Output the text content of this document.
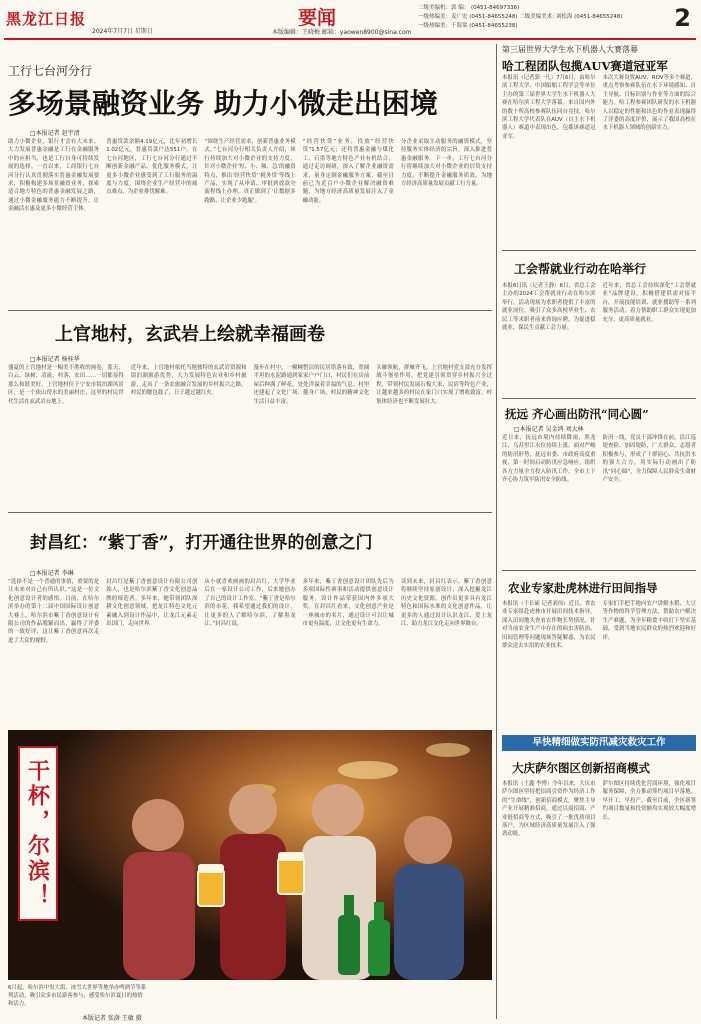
黑龙江日报
2024年7月7日 星期日
要闻
本版编辑：王晓梅 邮箱：yaowen8900@sina.com
二级美编机：郭 编： (0451-84697336)
一级热编美：麦广宏 (0451-84655248) 二级美编美术: 刘松海 (0451-84655248)
一级热编美：于海棠 (0451-84655238)	2
工行七台河分行
多场景融资业务 助力小微走出困境
□本报记者 赵宇清
助力小微企业，银行才会有大未来。大力发展普惠金融是工行在金融服务中的应担当，也是工行自身可持续发展的选择。一直以来，工商银行七台河分行认真贯彻落实普惠金融发展要求，积极构建多场景融资业务，探索适合地方特色的普惠金融发展之路，通过小微金融服务能力不断提升，让金融活水惠及更多小微经营主体。
普惠贷款余额4.19亿元，比年初增长1.02亿元，普惠贷款户达551户。在七台河地区，工行七台河分行通过不断创新金融产品、优化服务模式，让更多小微企业感受到了工行服务的温度与力度。围绕企业生产经营中的痛点难点，为企业排忧解难。
“围绕生产经营需求，创新普惠业务模式。”七台河分行相关负责人介绍，该行持续加大对小微企业的支持力度，针对小微企业‘短、小、频、急’的融资特点，推出‘经营快贷’‘税务贷’等线上产品，实现了从申请、审批到放款全流程线上办理，真正做到了‘让数据多跑路、让企业少跑腿’。
“经营快贷”业务，投放“经营快贷”1.57亿元；还将普惠金融与煤化工、石墨等地方特色产业有机结合，通过走访调研，深入了解企业融资需求，量身定制金融服务方案，截至目前已为近百户小微企业解决融资难题，为地方经济高质量发展注入了金融动能。
分企业采取主动服务的融资模式，坚持服务实体经济的宗旨，深入推进普惠金融服务。下一步，工行七台河分行将继续加大对小微企业的信贷支持力度，不断提升金融服务质效，为地方经济高质量发展贡献工行力量。
上官地村，玄武岩上绘就幸福画卷
□本报记者 杨桂华
盛夏的上官地村是一幅美不胜收的画卷，蓝天、白云、绿树、清流、村落、农田……一切都显得那么和谐美好。上官地村位于宁安市镜泊湖风景区，是一个依山傍水的美丽村庄，这里的村民世代生活在玄武岩台地上。
近年来，上官地村依托当地独特的玄武岩资源和镜泊湖旅游优势，大力发展特色农业和乡村旅游，走出了一条农旅融合发展的乡村振兴之路，村民的腰包鼓了，日子越过越红火。
漫步在村中，一幢幢整洁的民居错落有致，宽阔平坦的水泥路通到家家户户门口，村民们在房前屋后种满了鲜花，处处洋溢着幸福的气息。村里还建起了文化广场、健身广场，村民的精神文化生活日益丰富。
头雁领航，群雁齐飞。上官地村党支部充分发挥战斗堡垒作用，把党建引领贯穿乡村振兴全过程，带领村民发展石板大米、民宿等特色产业，让越来越多的村民在家门口实现了增收致富，村集体经济也不断发展壮大。
封昌红：“紫丁香”，打开通往世界的创意之门
□本报记者 李琳
“选择不是一个普通的事情，重要的是让未来对自己有所认识。”这是一位文化创意设计者的感悟。日前，在哈尔滨举办的第十二届中国国际设计创意大赛上，哈尔滨市紫丁香创意设计有限公司的作品脱颖而出，赢得了评委的一致好评，这让紫丁香创意再次走进了大众的视野。
封昌红是紫丁香创意设计有限公司创始人，也是哈尔滨紫丁香文化创意品牌的缔造者。多年来，她带领团队深耕文化创意领域，把龙江特色文化元素融入到设计作品中，让龙江元素走出国门，走向世界。
从小就喜欢画画的封昌红，大学毕业后在一家设计公司工作，后来她创办了自己的设计工作室。“紫丁香是哈尔滨的市花，我希望通过我们的设计，让更多的人了解哈尔滨，了解黑龙江。”封昌红说。
多年来，紫丁香创意设计团队先后为多项国际性赛事和活动提供创意设计服务，设计作品荣获国内外多项大奖。在封昌红看来，文化创意产业是一座城市的名片，通过设计可以让城市更有温度，让文化更有生命力。
谈到未来，封昌红表示，紫丁香创意将继续坚持原创设计，深入挖掘龙江历史文化资源，创作出更多具有龙江特色和国际水准的文化创意作品，让更多的人通过设计认识龙江、爱上龙江，助力龙江文化走向世界舞台。
干杯，尔滨！
6月起，哈尔滨中央大街、冰雪大世界等地举办啤酒节等系列活动，吸引众多市民游客参与，感受哈尔滨夏日的热情和活力。
本版记者 张澍 王敏 摄
第三届世界大学生水下机器人大赛落幕
哈工程团队包揽AUV赛道冠亚军
本报讯（记者郭一凡）7月6日，由哈尔滨工程大学、中国船舶工程学会等单位主办的第三届世界大学生水下机器人大赛在哈尔滨工程大学落幕。来自国内外的数十所高校参赛队伍同台竞技，哈尔滨工程大学代表队在AUV（自主水下机器人）赛道中表现出色，包揽该赛道冠亚军。
本次大赛设置AUV、ROV等多个赛道，重点考察参赛队伍在水下环境感知、自主导航、目标识别与作业等方面的综合能力。哈工程参赛团队研发的水下机器人以稳定的性能和出色的作业表现赢得了评委的高度评价，展示了我国高校在水下机器人领域的创新实力。
工会帮就业行动在哈举行
本报6日讯（记者王静）6日，省总工会主办的2024工会帮就业行动在哈尔滨举行，活动现场为求职者提供了丰富的就业岗位，吸引了众多高校毕业生、农民工等求职者前来咨询应聘，为促进稳就业、保民生贡献工会力量。
近年来，省总工会持续深化“工会帮就业”品牌建设，积极搭建供需对接平台，开展技能培训、就业援助等一系列服务活动，着力帮助职工群众实现更加充分、更高质量就业。
抚远 齐心画出防汛“同心圆”
□本报记者 吴金鸿 刘大林
近日来，抚远市境内持续降雨，黑龙江、乌苏里江水位持续上涨。面对严峻的防汛形势，抚远市委、市政府高度重视，第一时间启动防汛应急响应，组织各方力量全力投入防汛工作，全市上下齐心协力筑牢防汛安全防线。
防汛一线，党员干部冲锋在前，沿江巡堤查险、加固堤防，广大群众、志愿者积极参与，形成了干群同心、共抗洪水的强大合力，用实际行动画出了防汛“同心圆”，全力保障人民群众生命财产安全。
农业专家赴虎林进行田间指导
本报讯（于长硕 记者刘伟）近日，省农业专家组赴虎林市开展田间技术指导，深入田间地头查看农作物长势情况，针对当前农业生产中存在的病虫害防治、田间管理等问题现场答疑解惑，为农民群众送去实用的农业技术。
专家们手把手地向农户讲解水稻、大豆等作物的科学管理方法，帮助农户解决生产难题，为全年粮食丰收打下坚实基础，受到当地农民群众的热烈欢迎和好评。
早快精细做实防汛减灾救灾工作
大庆萨尔图区创新招商模式
本报讯（王鑫 李博）今年以来，大庆市萨尔图区坚持把招商引资作为经济工作的“生命线”，创新招商模式，聚焦主导产业开展精准招商，通过以商招商、产业链招商等方式，吸引了一批优质项目落户，为区域经济高质量发展注入了强劲动能。
萨尔图区持续优化营商环境，强化项目服务保障，全力推动签约项目早落地、早开工、早投产，截至目前，全区新签约项目数量和投资额均实现较大幅度增长。
